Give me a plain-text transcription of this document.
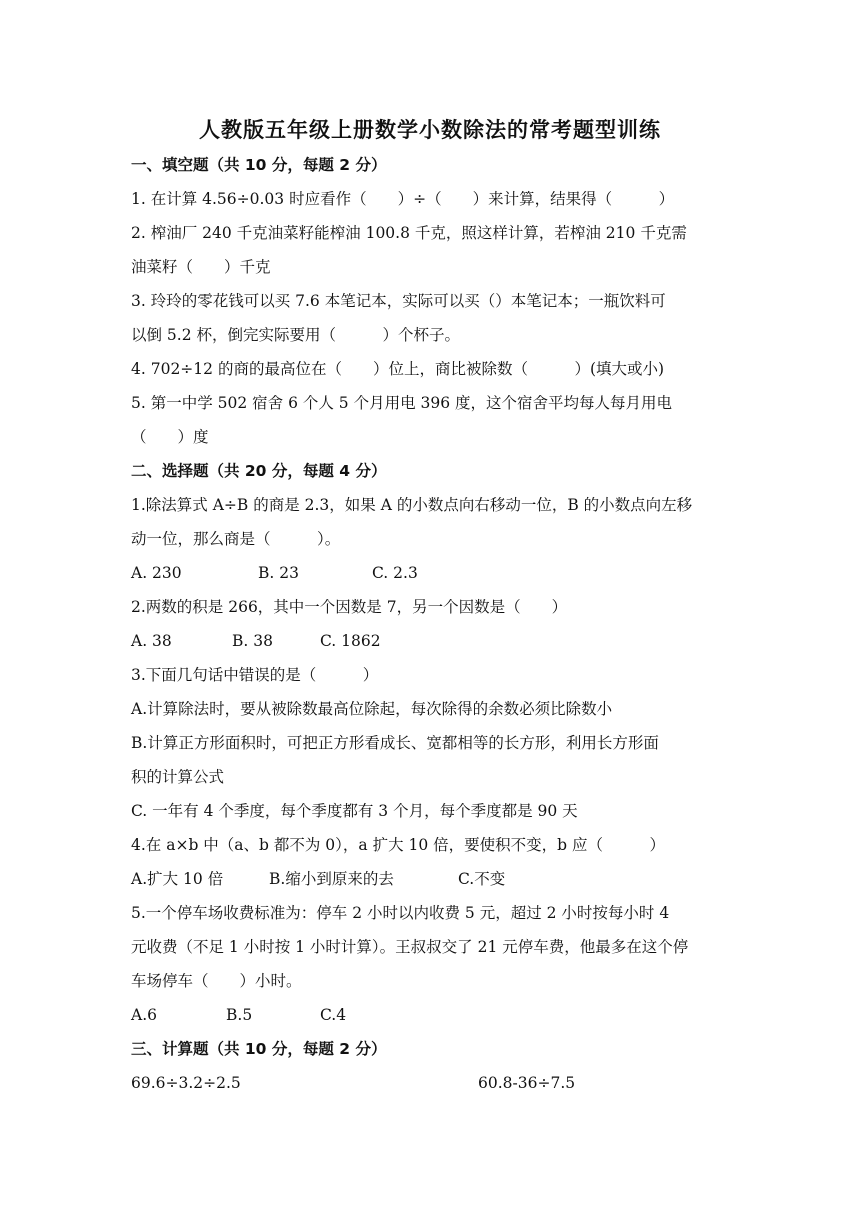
人教版五年级上册数学小数除法的常考题型训练
一、填空题（共 10 分，每题 2 分）
1. 在计算 4.56÷0.03 时应看作（　　）÷（　　）来计算，结果得（　　　）
2. 榨油厂 240 千克油菜籽能榨油 100.8 千克，照这样计算，若榨油 210 千克需
油菜籽（　　）千克
3. 玲玲的零花钱可以买 7.6 本笔记本，实际可以买（）本笔记本；一瓶饮料可
以倒 5.2 杯，倒完实际要用（　　　）个杯子。
4. 702÷12 的商的最高位在（　　）位上，商比被除数（　　　）(填大或小)
5. 第一中学 502 宿舍 6 个人 5 个月用电 396 度，这个宿舍平均每人每月用电
（　　）度
二、选择题（共 20 分，每题 4 分）
1.除法算式 A÷B 的商是 2.3，如果 A 的小数点向右移动一位，B 的小数点向左移
动一位，那么商是（　　　）。
A. 230	B. 23	C. 2.3
2.两数的积是 266，其中一个因数是 7，另一个因数是（　　）
A. 38	B. 38	C. 1862
3.下面几句话中错误的是（　　　）
A.计算除法时，要从被除数最高位除起，每次除得的余数必须比除数小
B.计算正方形面积时，可把正方形看成长、宽都相等的长方形，利用长方形面
积的计算公式
C. 一年有 4 个季度，每个季度都有 3 个月，每个季度都是 90 天
4.在 a×b 中（a、b 都不为 0），a 扩大 10 倍，要使积不变，b 应（　　　）
A.扩大 10 倍	B.缩小到原来的去	C.不变
5.一个停车场收费标准为：停车 2 小时以内收费 5 元，超过 2 小时按每小时 4
元收费（不足 1 小时按 1 小时计算）。王叔叔交了 21 元停车费，他最多在这个停
车场停车（　　）小时。
A.6	B.5	C.4
三、计算题（共 10 分，每题 2 分）
69.6÷3.2÷2.5	60.8-36÷7.5
